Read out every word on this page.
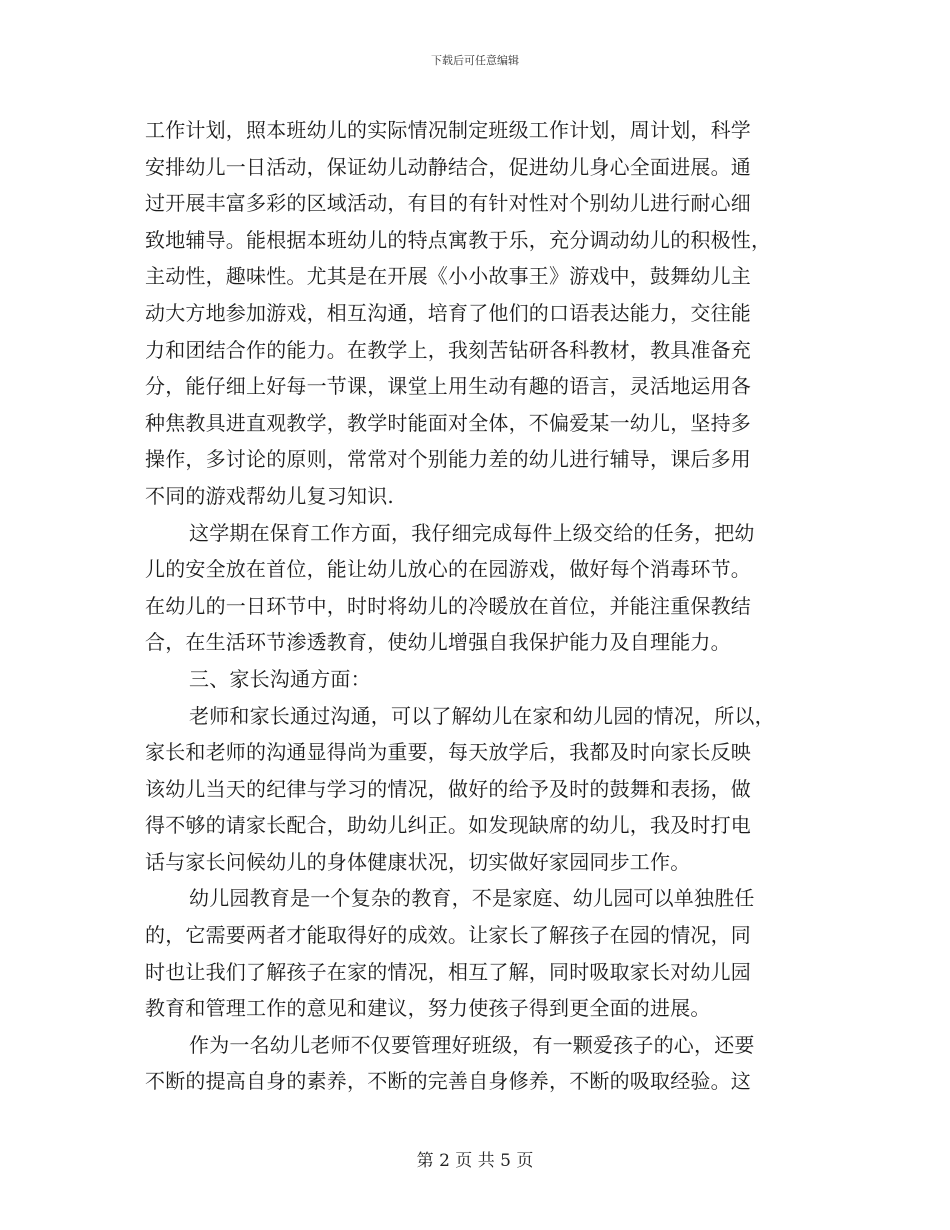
下载后可任意编辑
工作计划，照本班幼儿的实际情况制定班级工作计划，周计划，科学
安排幼儿一日活动，保证幼儿动静结合，促进幼儿身心全面进展。通
过开展丰富多彩的区域活动，有目的有针对性对个别幼儿进行耐心细
致地辅导。能根据本班幼儿的特点寓教于乐，充分调动幼儿的积极性，
主动性，趣味性。尤其是在开展《小小故事王》游戏中，鼓舞幼儿主
动大方地参加游戏，相互沟通，培育了他们的口语表达能力，交往能
力和团结合作的能力。在教学上，我刻苦钻研各科教材，教具准备充
分，能仔细上好每一节课，课堂上用生动有趣的语言，灵活地运用各
种焦教具进直观教学，教学时能面对全体，不偏爱某一幼儿，坚持多
操作，多讨论的原则，常常对个别能力差的幼儿进行辅导，课后多用
不同的游戏帮幼儿复习知识.
这学期在保育工作方面，我仔细完成每件上级交给的任务，把幼
儿的安全放在首位，能让幼儿放心的在园游戏，做好每个消毒环节。
在幼儿的一日环节中，时时将幼儿的冷暖放在首位，并能注重保教结
合，在生活环节渗透教育，使幼儿增强自我保护能力及自理能力。
三、家长沟通方面：
老师和家长通过沟通，可以了解幼儿在家和幼儿园的情况，所以，
家长和老师的沟通显得尚为重要，每天放学后，我都及时向家长反映
该幼儿当天的纪律与学习的情况，做好的给予及时的鼓舞和表扬，做
得不够的请家长配合，助幼儿纠正。如发现缺席的幼儿，我及时打电
话与家长问候幼儿的身体健康状况，切实做好家园同步工作。
幼儿园教育是一个复杂的教育，不是家庭、幼儿园可以单独胜任
的，它需要两者才能取得好的成效。让家长了解孩子在园的情况，同
时也让我们了解孩子在家的情况，相互了解，同时吸取家长对幼儿园
教育和管理工作的意见和建议，努力使孩子得到更全面的进展。
作为一名幼儿老师不仅要管理好班级，有一颗爱孩子的心，还要
不断的提高自身的素养，不断的完善自身修养，不断的吸取经验。这
第 2 页 共 5 页
